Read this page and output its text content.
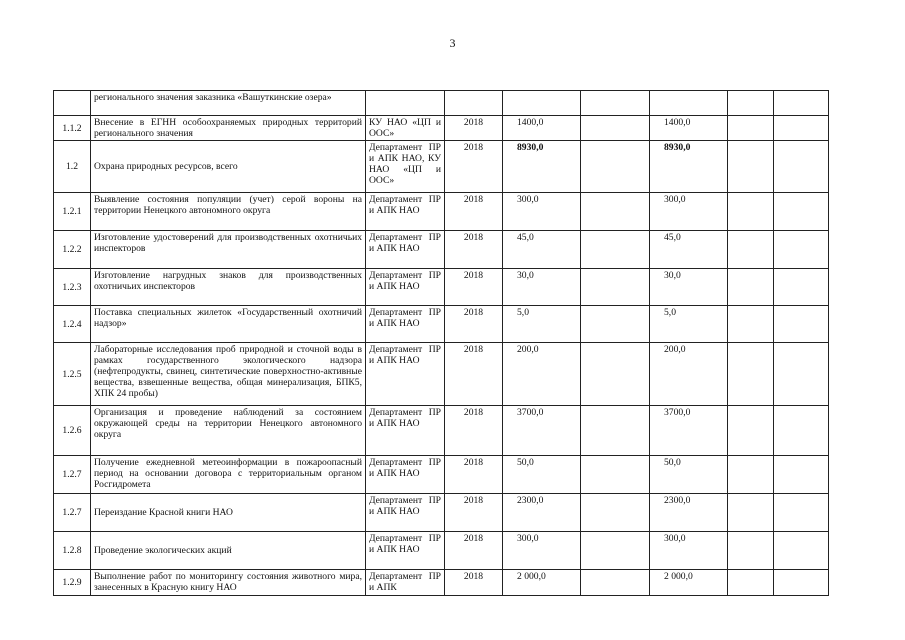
3
	регионального значения заказника «Вашуткинские озера»							
1.1.2	Внесение в ЕГНН особоохраняемых природных территорий регионального значения	КУ НАО «ЦП и ООС»	2018	1400,0		1400,0		
1.2	Охрана природных ресурсов, всего	Департамент ПР и АПК НАО, КУ НАО «ЦП и ООС»	2018	8930,0		8930,0		
1.2.1	Выявление состояния популяции (учет) серой вороны на территории Ненецкого автономного округа	Департамент ПР и АПК НАО	2018	300,0		300,0		
1.2.2	Изготовление удостоверений для производственных охотничьих инспекторов	Департамент ПР и АПК НАО	2018	45,0		45,0		
1.2.3	Изготовление нагрудных знаков для производственных охотничьих инспекторов	Департамент ПР и АПК НАО	2018	30,0		30,0		
1.2.4	Поставка специальных жилеток «Государственный охотничий надзор»	Департамент ПР и АПК НАО	2018	5,0		5,0		
1.2.5	Лабораторные исследования проб природной и сточной воды в рамках государственного экологического надзора (нефтепродукты, свинец, синтетические поверхностно-активные вещества, взвешенные вещества, общая минерализация, БПК5, ХПК 24 пробы)	Департамент ПР и АПК НАО	2018	200,0		200,0		
1.2.6	Организация и проведение наблюдений за состоянием окружающей среды на территории Ненецкого автономного округа	Департамент ПР и АПК НАО	2018	3700,0		3700,0		
1.2.7	Получение ежедневной метеоинформации в пожароопасный период на основании договора с территориальным органом Росгидромета	Департамент ПР и АПК НАО	2018	50,0		50,0		
1.2.7	Переиздание Красной книги НАО	Департамент ПР и АПК НАО	2018	2300,0		2300,0		
1.2.8	Проведение экологических акций	Департамент ПР и АПК НАО	2018	300,0		300,0		
1.2.9	Выполнение работ по мониторингу состояния животного мира, занесенных в Красную книгу НАО	Департамент ПР и АПК	2018	2 000,0		2 000,0		
